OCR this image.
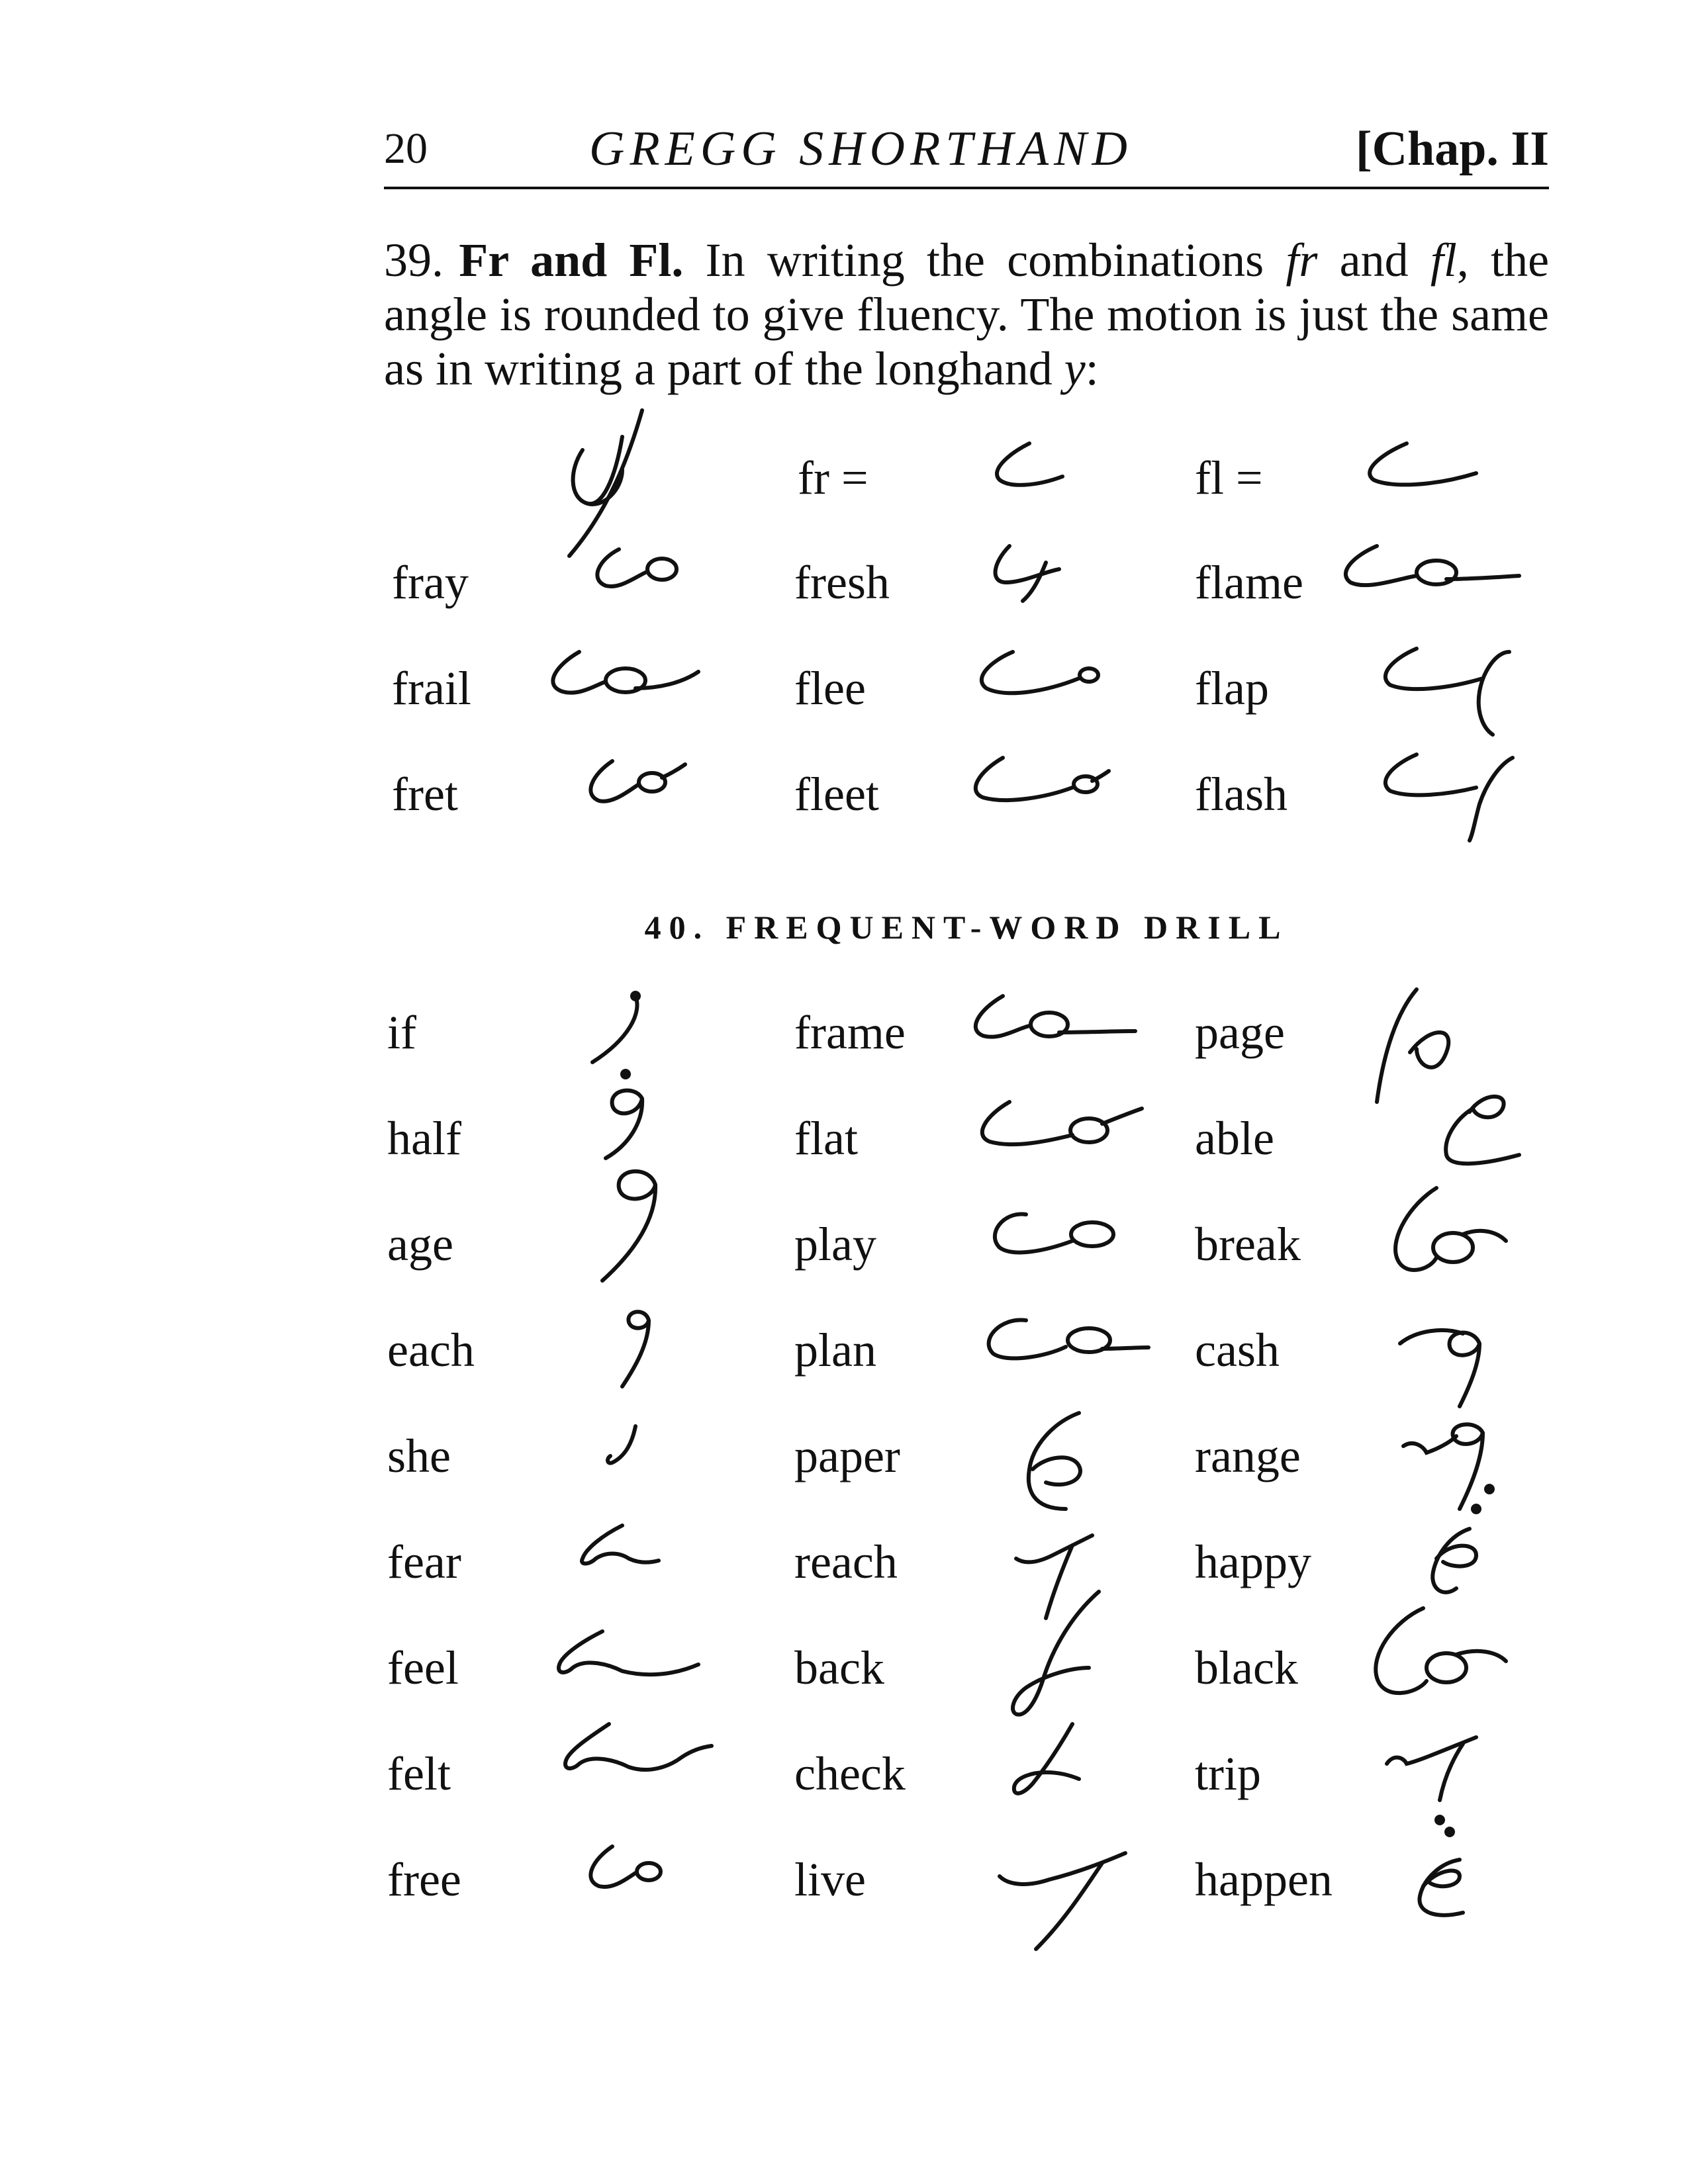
20	GREGG SHORTHAND	[Chap. II
39. Fr and Fl. In writing the combinations fr and fl, the angle is rounded to give fluency. The motion is just the same as in writing a part of the longhand y:
fr =	fl =
fray	fresh	flame
frail	flee	flap
fret	fleet	flash
40. FREQUENT-WORD DRILL
if	frame	page
half	flat	able
age	play	break
each	plan	cash
she	paper	range
fear	reach	happy
feel	back	black
felt	check	trip
free	live	happen
